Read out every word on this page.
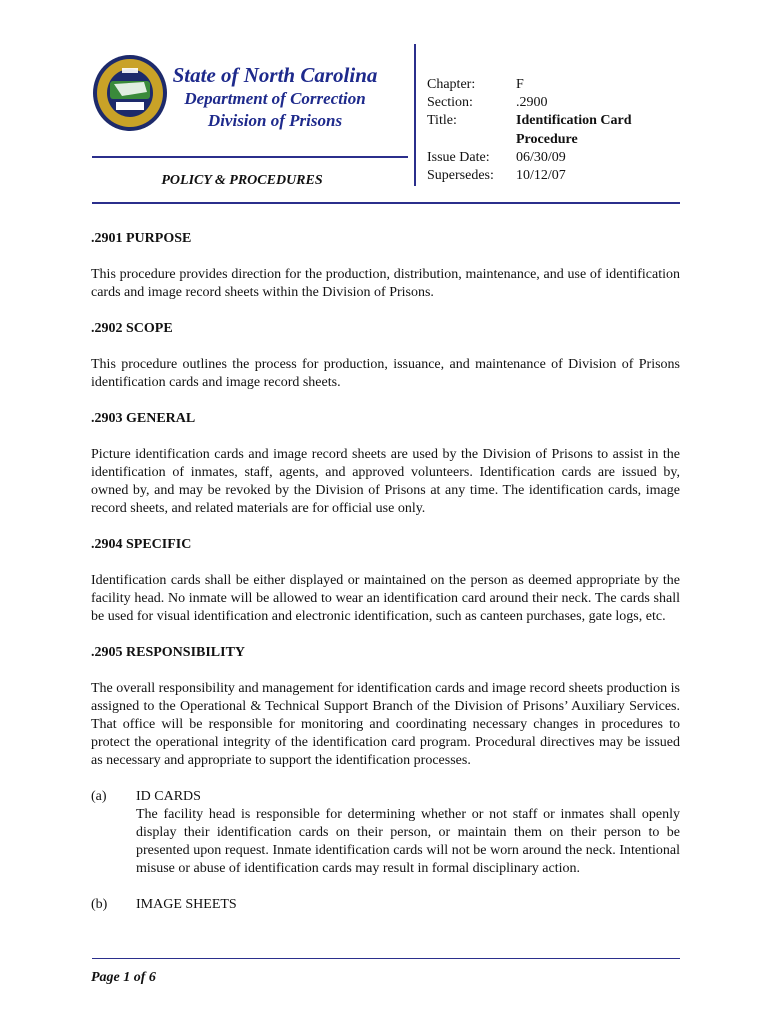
State of North Carolina
Department of Correction
Division of Prisons
POLICY & PROCEDURES
Chapter:	F
Section:	.2900
Title:	Identification Card
Procedure
Issue Date:	06/30/09
Supersedes:	10/12/07
.2901 PURPOSE

This procedure provides direction for the production, distribution, maintenance, and use of identification cards and image record sheets within the Division of Prisons.

.2902 SCOPE

This procedure outlines the process for production, issuance, and maintenance of Division of Prisons identification cards and image record sheets.

.2903 GENERAL

Picture identification cards and image record sheets are used by the Division of Prisons to assist in the identification of inmates, staff, agents, and approved volunteers. Identification cards are issued by, owned by, and may be revoked by the Division of Prisons at any time. The identification cards, image record sheets, and related materials are for official use only.

.2904 SPECIFIC

Identification cards shall be either displayed or maintained on the person as deemed appropriate by the facility head. No inmate will be allowed to wear an identification card around their neck. The cards shall be used for visual identification and electronic identification, such as canteen purchases, gate logs, etc.

.2905 RESPONSIBILITY

The overall responsibility and management for identification cards and image record sheets production is assigned to the Operational & Technical Support Branch of the Division of Prisons’ Auxiliary Services. That office will be responsible for monitoring and coordinating necessary changes in procedures to protect the operational integrity of the identification card program. Procedural directives may be issued as necessary and appropriate to support the identification processes.

(a)	ID CARDS

The facility head is responsible for determining whether or not staff or inmates shall openly display their identification cards on their person, or maintain them on their person to be presented upon request. Inmate identification cards will not be worn around the neck. Intentional misuse or abuse of identification cards may result in formal disciplinary action.

(b)	IMAGE SHEETS
Page 1 of 6
